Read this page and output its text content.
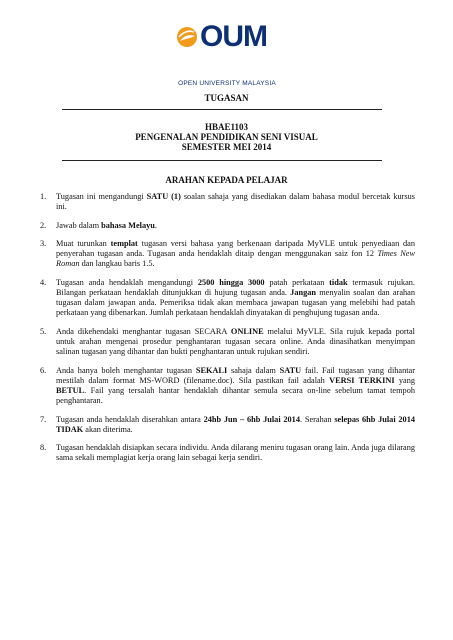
OUM
OPEN UNIVERSITY MALAYSIA
TUGASAN
HBAE1103
PENGENALAN PENDIDIKAN SENI VISUAL
SEMESTER MEI 2014
ARAHAN KEPADA PELAJAR
1.	Tugasan ini mengandungi SATU (1) soalan sahaja yang disediakan dalam bahasa modul bercetak kursus ini.
2.	Jawab dalam bahasa Melayu.
3.	Muat turunkan templat tugasan versi bahasa yang berkenaan daripada MyVLE untuk penyediaan dan penyerahan tugasan anda. Tugasan anda hendaklah ditaip dengan menggunakan saiz fon 12 Times New Roman dan langkau baris 1.5.
4.	Tugasan anda hendaklah mengandungi 2500 hingga 3000 patah perkataan tidak termasuk rujukan. Bilangan perkataan hendaklah ditunjukkan di hujung tugasan anda. Jangan menyalin soalan dan arahan tugasan dalam jawapan anda. Pemeriksa tidak akan membaca jawapan tugasan yang melebihi had patah perkataan yang dibenarkan. Jumlah perkataan hendaklah dinyatakan di penghujung tugasan anda.
5.	Anda dikehendaki menghantar tugasan SECARA ONLINE melalui MyVLE. Sila rujuk kepada portal untuk arahan mengenai prosedur penghantaran tugasan secara online. Anda dinasihatkan menyimpan salinan tugasan yang dihantar dan bukti penghantaran untuk rujukan sendiri.
6.	Anda hanya boleh menghantar tugasan SEKALI sahaja dalam SATU fail. Fail tugasan yang dihantar mestilah dalam format MS-WORD (filename.doc). Sila pastikan fail adalah VERSI TERKINI yang BETUL. Fail yang tersalah hantar hendaklah dihantar semula secara on-line sebelum tamat tempoh penghantaran.
7.	Tugasan anda hendaklah diserahkan antara 24hb Jun – 6hb Julai 2014. Serahan selepas 6hb Julai 2014 TIDAK akan diterima.
8.	Tugasan hendaklah disiapkan secara individu. Anda dilarang meniru tugasan orang lain. Anda juga dilarang sama sekali memplagiat kerja orang lain sebagai kerja sendiri.
